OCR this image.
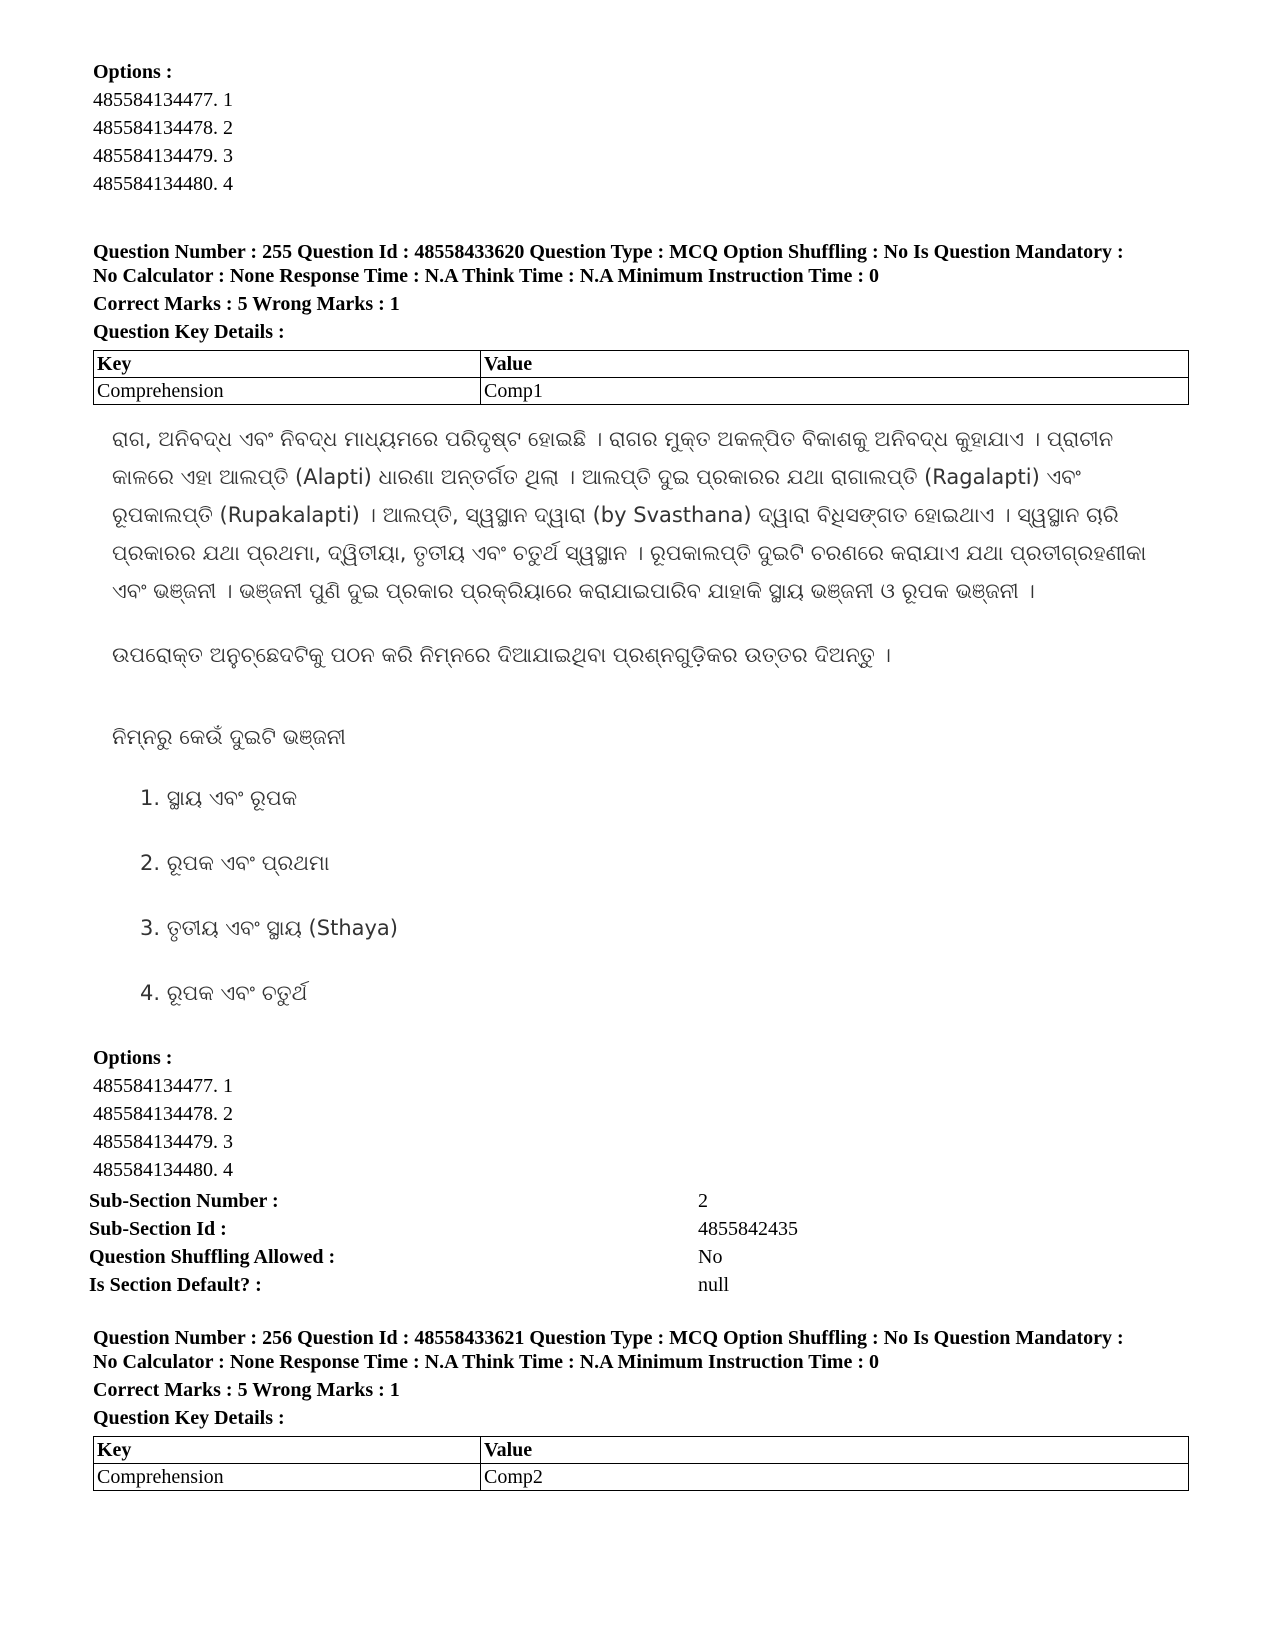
Options :
485584134477. 1
485584134478. 2
485584134479. 3
485584134480. 4
Question Number : 255 Question Id : 48558433620 Question Type : MCQ Option Shuffling : No Is Question Mandatory :
No Calculator : None Response Time : N.A Think Time : N.A Minimum Instruction Time : 0
Correct Marks : 5 Wrong Marks : 1
Question Key Details :
Key	Value
Comprehension	Comp1
ରାଗ, ଅନିବଦ୍ଧ ଏବଂ ନିବଦ୍ଧ ମାଧ୍ୟମରେ ପରିଦୃଷ୍ଟ ହୋଇଛି । ରାଗର ମୁକ୍ତ ଅକଳ୍ପିତ ବିକାଶକୁ ଅନିବଦ୍ଧ କୁହାଯାଏ । ପ୍ରାଚୀନ କାଳରେ ଏହା ଆଲପ୍ତି (Alapti) ଧାରଣା ଅନ୍ତର୍ଗତ ଥିଲା । ଆଲପ୍ତି ଦୁଇ ପ୍ରକାରର ଯଥା ରାଗାଲପ୍ତି (Ragalapti) ଏବଂ ରୂପକାଲପ୍ତି (Rupakalapti) । ଆଲପ୍ତି, ସ୍ୱସ୍ଥାନ ଦ୍ୱାରା (by Svasthana) ଦ୍ୱାରା ବିଧିସଙ୍ଗତ ହୋଇଥାଏ । ସ୍ୱସ୍ଥାନ ଚାରି ପ୍ରକାରର ଯଥା ପ୍ରଥମା, ଦ୍ୱିତୀୟା, ତୃତୀୟ ଏବଂ ଚତୁର୍ଥ ସ୍ୱସ୍ଥାନ । ରୂପକାଲପ୍ତି ଦୁଇଟି ଚରଣରେ କରାଯାଏ ଯଥା ପ୍ରତୀଗ୍ରହଣୀକା ଏବଂ ଭଞ୍ଜନୀ । ଭଞ୍ଜନୀ ପୁଣି ଦୁଇ ପ୍ରକାର ପ୍ରକ୍ରିୟାରେ କରାଯାଇପାରିବ ଯାହାକି ସ୍ଥାୟ ଭଞ୍ଜନୀ ଓ ରୂପକ ଭଞ୍ଜନୀ ।
ଉପରୋକ୍ତ ଅନୁଚ୍ଛେଦଟିକୁ ପଠନ କରି ନିମ୍ନରେ ଦିଆଯାଇଥିବା ପ୍ରଶ୍ନଗୁଡ଼ିକର ଉତ୍ତର ଦିଅନ୍ତୁ ।
ନିମ୍ନରୁ କେଉଁ ଦୁଇଟି ଭଞ୍ଜନୀ
1. ସ୍ଥାୟ ଏବଂ ରୂପକ
2. ରୂପକ ଏବଂ ପ୍ରଥମା
3. ତୃତୀୟ ଏବଂ ସ୍ଥାୟ (Sthaya)
4. ରୂପକ ଏବଂ ଚତୁର୍ଥ
Options :
485584134477. 1
485584134478. 2
485584134479. 3
485584134480. 4
Sub-Section Number :	2
Sub-Section Id :	4855842435
Question Shuffling Allowed :	No
Is Section Default? :	null
Question Number : 256 Question Id : 48558433621 Question Type : MCQ Option Shuffling : No Is Question Mandatory :
No Calculator : None Response Time : N.A Think Time : N.A Minimum Instruction Time : 0
Correct Marks : 5 Wrong Marks : 1
Question Key Details :
Key	Value
Comprehension	Comp2
